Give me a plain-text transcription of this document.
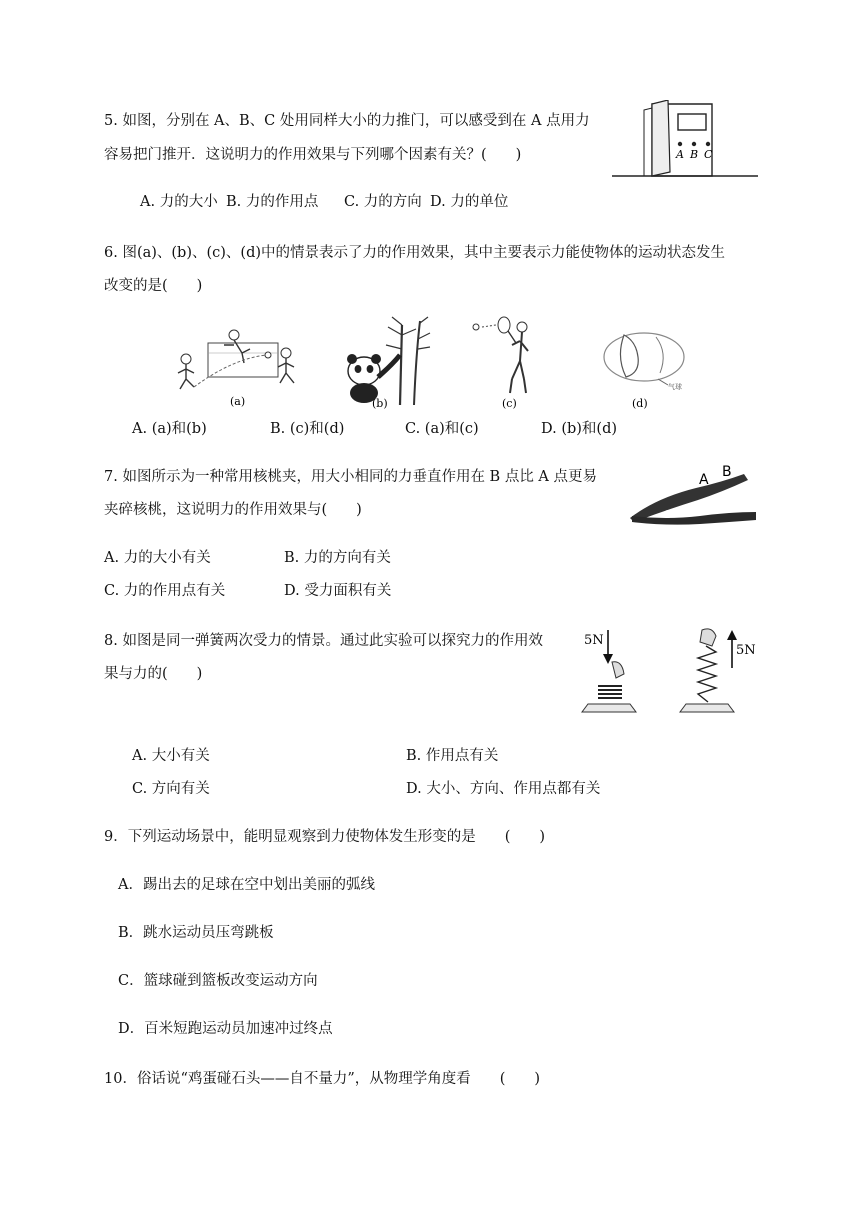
5. 如图，分别在 A、B、C 处用同样大小的力推门，可以感受到在 A 点用力
容易把门推开．这说明力的作用效果与下列哪个因素有关？(　　)
A. 力的大小 B. 力的作用点 C. 力的方向 D. 力的单位
A B C
6. 图(a)、(b)、(c)、(d)中的情景表示了力的作用效果，其中主要表示力能使物体的运动状态发生
改变的是(　　)
(a)	(b)	(c)
气球
(d)
A. (a)和(b)	B. (c)和(d)	C. (a)和(c)	D. (b)和(d)
7. 如图所示为一种常用核桃夹，用大小相同的力垂直作用在 B 点比 A 点更易
夹碎核桃，这说明力的作用效果与(　　)
A B
A. 力的大小有关	B. 力的方向有关
C. 力的作用点有关	D. 受力面积有关
8. 如图是同一弹簧两次受力的情景。通过此实验可以探究力的作用效
果与力的(　　)
5N
5N
A. 大小有关	B. 作用点有关
C. 方向有关	D. 大小、方向、作用点都有关
9．下列运动场景中，能明显观察到力使物体发生形变的是　　(　　)
A．踢出去的足球在空中划出美丽的弧线
B．跳水运动员压弯跳板
C．篮球碰到篮板改变运动方向
D．百米短跑运动员加速冲过终点
10．俗话说“鸡蛋碰石头——自不量力”，从物理学角度看　　(　　)
